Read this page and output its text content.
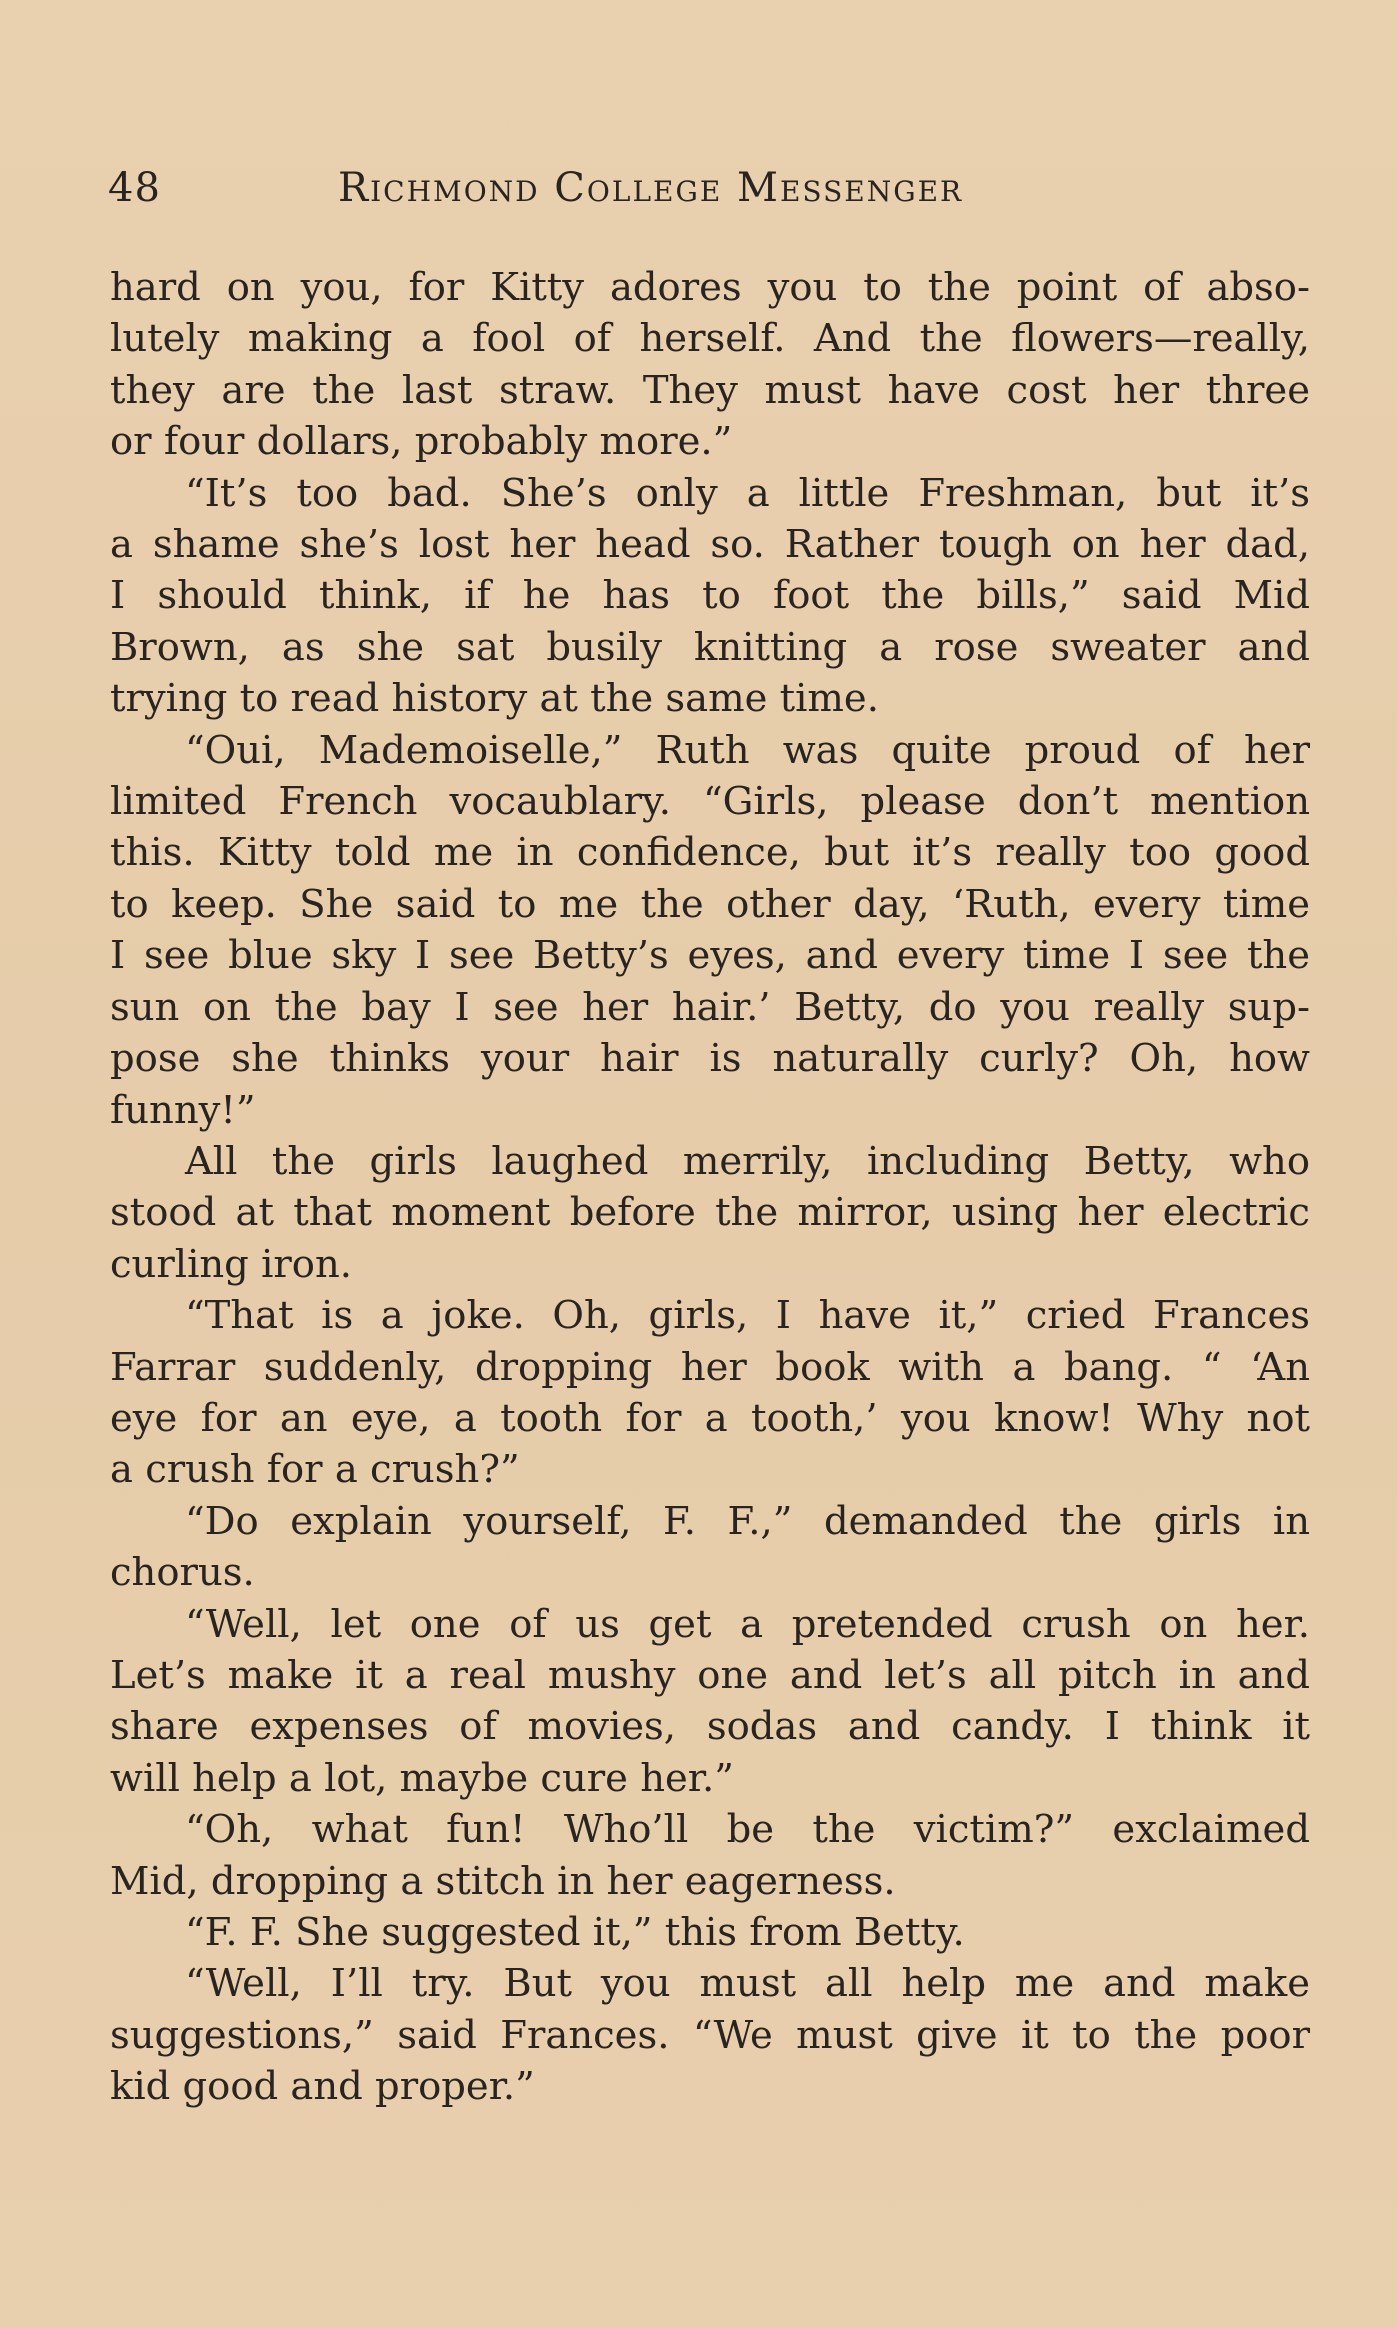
48	Richmond College Messenger

hard on you, for Kitty adores you to the point of abso-
lutely making a fool of herself. And the flowers—really,
they are the last straw. They must have cost her three
or four dollars, probably more.”

“It’s too bad. She’s only a little Freshman, but it’s
a shame she’s lost her head so. Rather tough on her dad,
I should think, if he has to foot the bills,” said Mid
Brown, as she sat busily knitting a rose sweater and
trying to read history at the same time.

“Oui, Mademoiselle,” Ruth was quite proud of her
limited French vocaublary. “Girls, please don’t mention
this. Kitty told me in confidence, but it’s really too good
to keep. She said to me the other day, ‘Ruth, every time
I see blue sky I see Betty’s eyes, and every time I see the
sun on the bay I see her hair.’ Betty, do you really sup-
pose she thinks your hair is naturally curly? Oh, how
funny!”

All the girls laughed merrily, including Betty, who
stood at that moment before the mirror, using her electric
curling iron.

“That is a joke. Oh, girls, I have it,” cried Frances
Farrar suddenly, dropping her book with a bang. “ ‘An
eye for an eye, a tooth for a tooth,’ you know! Why not
a crush for a crush?”

“Do explain yourself, F. F.,” demanded the girls in
chorus.

“Well, let one of us get a pretended crush on her.
Let’s make it a real mushy one and let’s all pitch in and
share expenses of movies, sodas and candy. I think it
will help a lot, maybe cure her.”

“Oh, what fun! Who’ll be the victim?” exclaimed
Mid, dropping a stitch in her eagerness.

“F. F. She suggested it,” this from Betty.

“Well, I’ll try. But you must all help me and make
suggestions,” said Frances. “We must give it to the poor
kid good and proper.”
